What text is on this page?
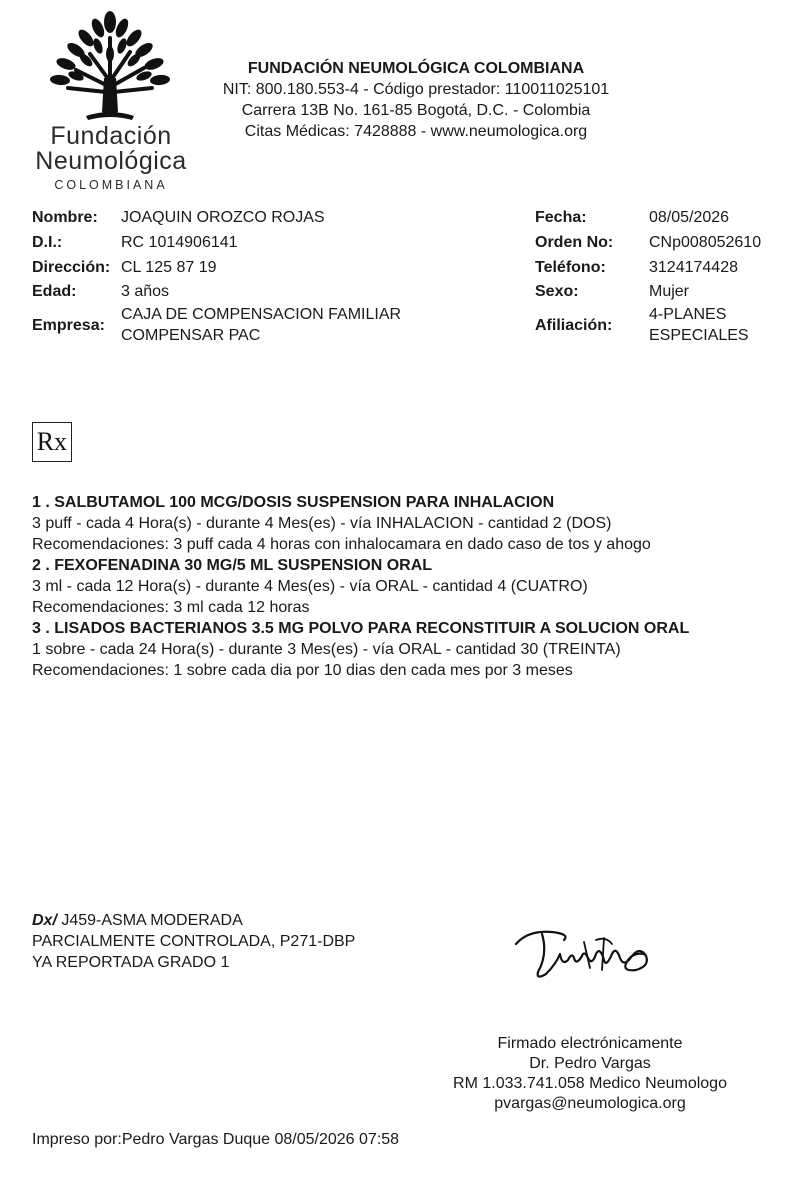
Fundación
Neumológica
COLOMBIANA
FUNDACIÓN NEUMOLÓGICA COLOMBIANA
NIT: 800.180.553-4 - Código prestador: 110011025101
Carrera 13B No. 161-85 Bogotá, D.C. - Colombia
Citas Médicas: 7428888 - www.neumologica.org
Nombre: JOAQUIN OROZCO ROJAS
D.I.:	RC 1014906141
Dirección: CL 125 87 19
Edad:	3 años
Empresa:
CAJA DE COMPENSACION FAMILIAR
COMPENSAR PAC
Fecha:	08/05/2026
Orden No: CNp008052610
Teléfono:	3124174428
Sexo:	Mujer
Afiliación:
4-PLANES
ESPECIALES
Rx
1 . SALBUTAMOL 100 MCG/DOSIS SUSPENSION PARA INHALACION
3 puff - cada 4 Hora(s) - durante 4 Mes(es) - vía INHALACION - cantidad 2 (DOS)
Recomendaciones: 3 puff cada 4 horas con inhalocamara en dado caso de tos y ahogo
2 . FEXOFENADINA 30 MG/5 ML SUSPENSION ORAL
3 ml - cada 12 Hora(s) - durante 4 Mes(es) - vía ORAL - cantidad 4 (CUATRO)
Recomendaciones: 3 ml cada 12 horas
3 . LISADOS BACTERIANOS 3.5 MG POLVO PARA RECONSTITUIR A SOLUCION ORAL
1 sobre - cada 24 Hora(s) - durante 3 Mes(es) - vía ORAL - cantidad 30 (TREINTA)
Recomendaciones: 1 sobre cada dia por 10 dias den cada mes por 3 meses
Dx/ J459-ASMA MODERADA
PARCIALMENTE CONTROLADA, P271-DBP
YA REPORTADA GRADO 1
Firmado electrónicamente
Dr. Pedro Vargas
RM 1.033.741.058 Medico Neumologo
pvargas@neumologica.org
Impreso por:Pedro Vargas Duque 08/05/2026 07:58
